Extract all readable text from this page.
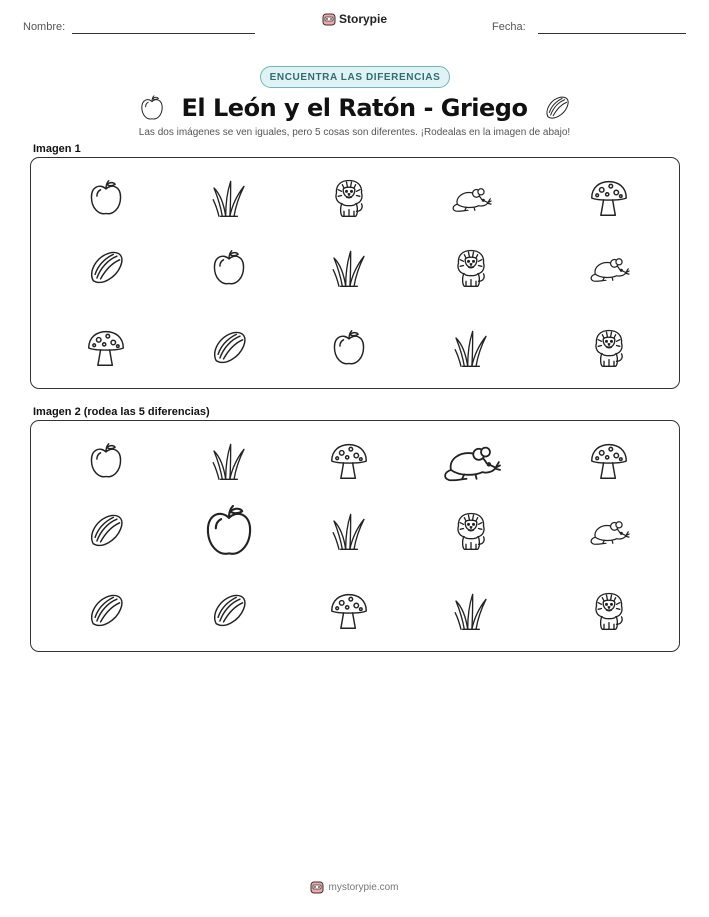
Nombre:
Storypie
Fecha:
ENCUENTRA LAS DIFERENCIAS
El León y el Ratón - Griego
Las dos imágenes se ven iguales, pero 5 cosas son diferentes. ¡Rodealas en la imagen de abajo!
Imagen 1
Imagen 2 (rodea las 5 diferencias)
mystorypie.com
